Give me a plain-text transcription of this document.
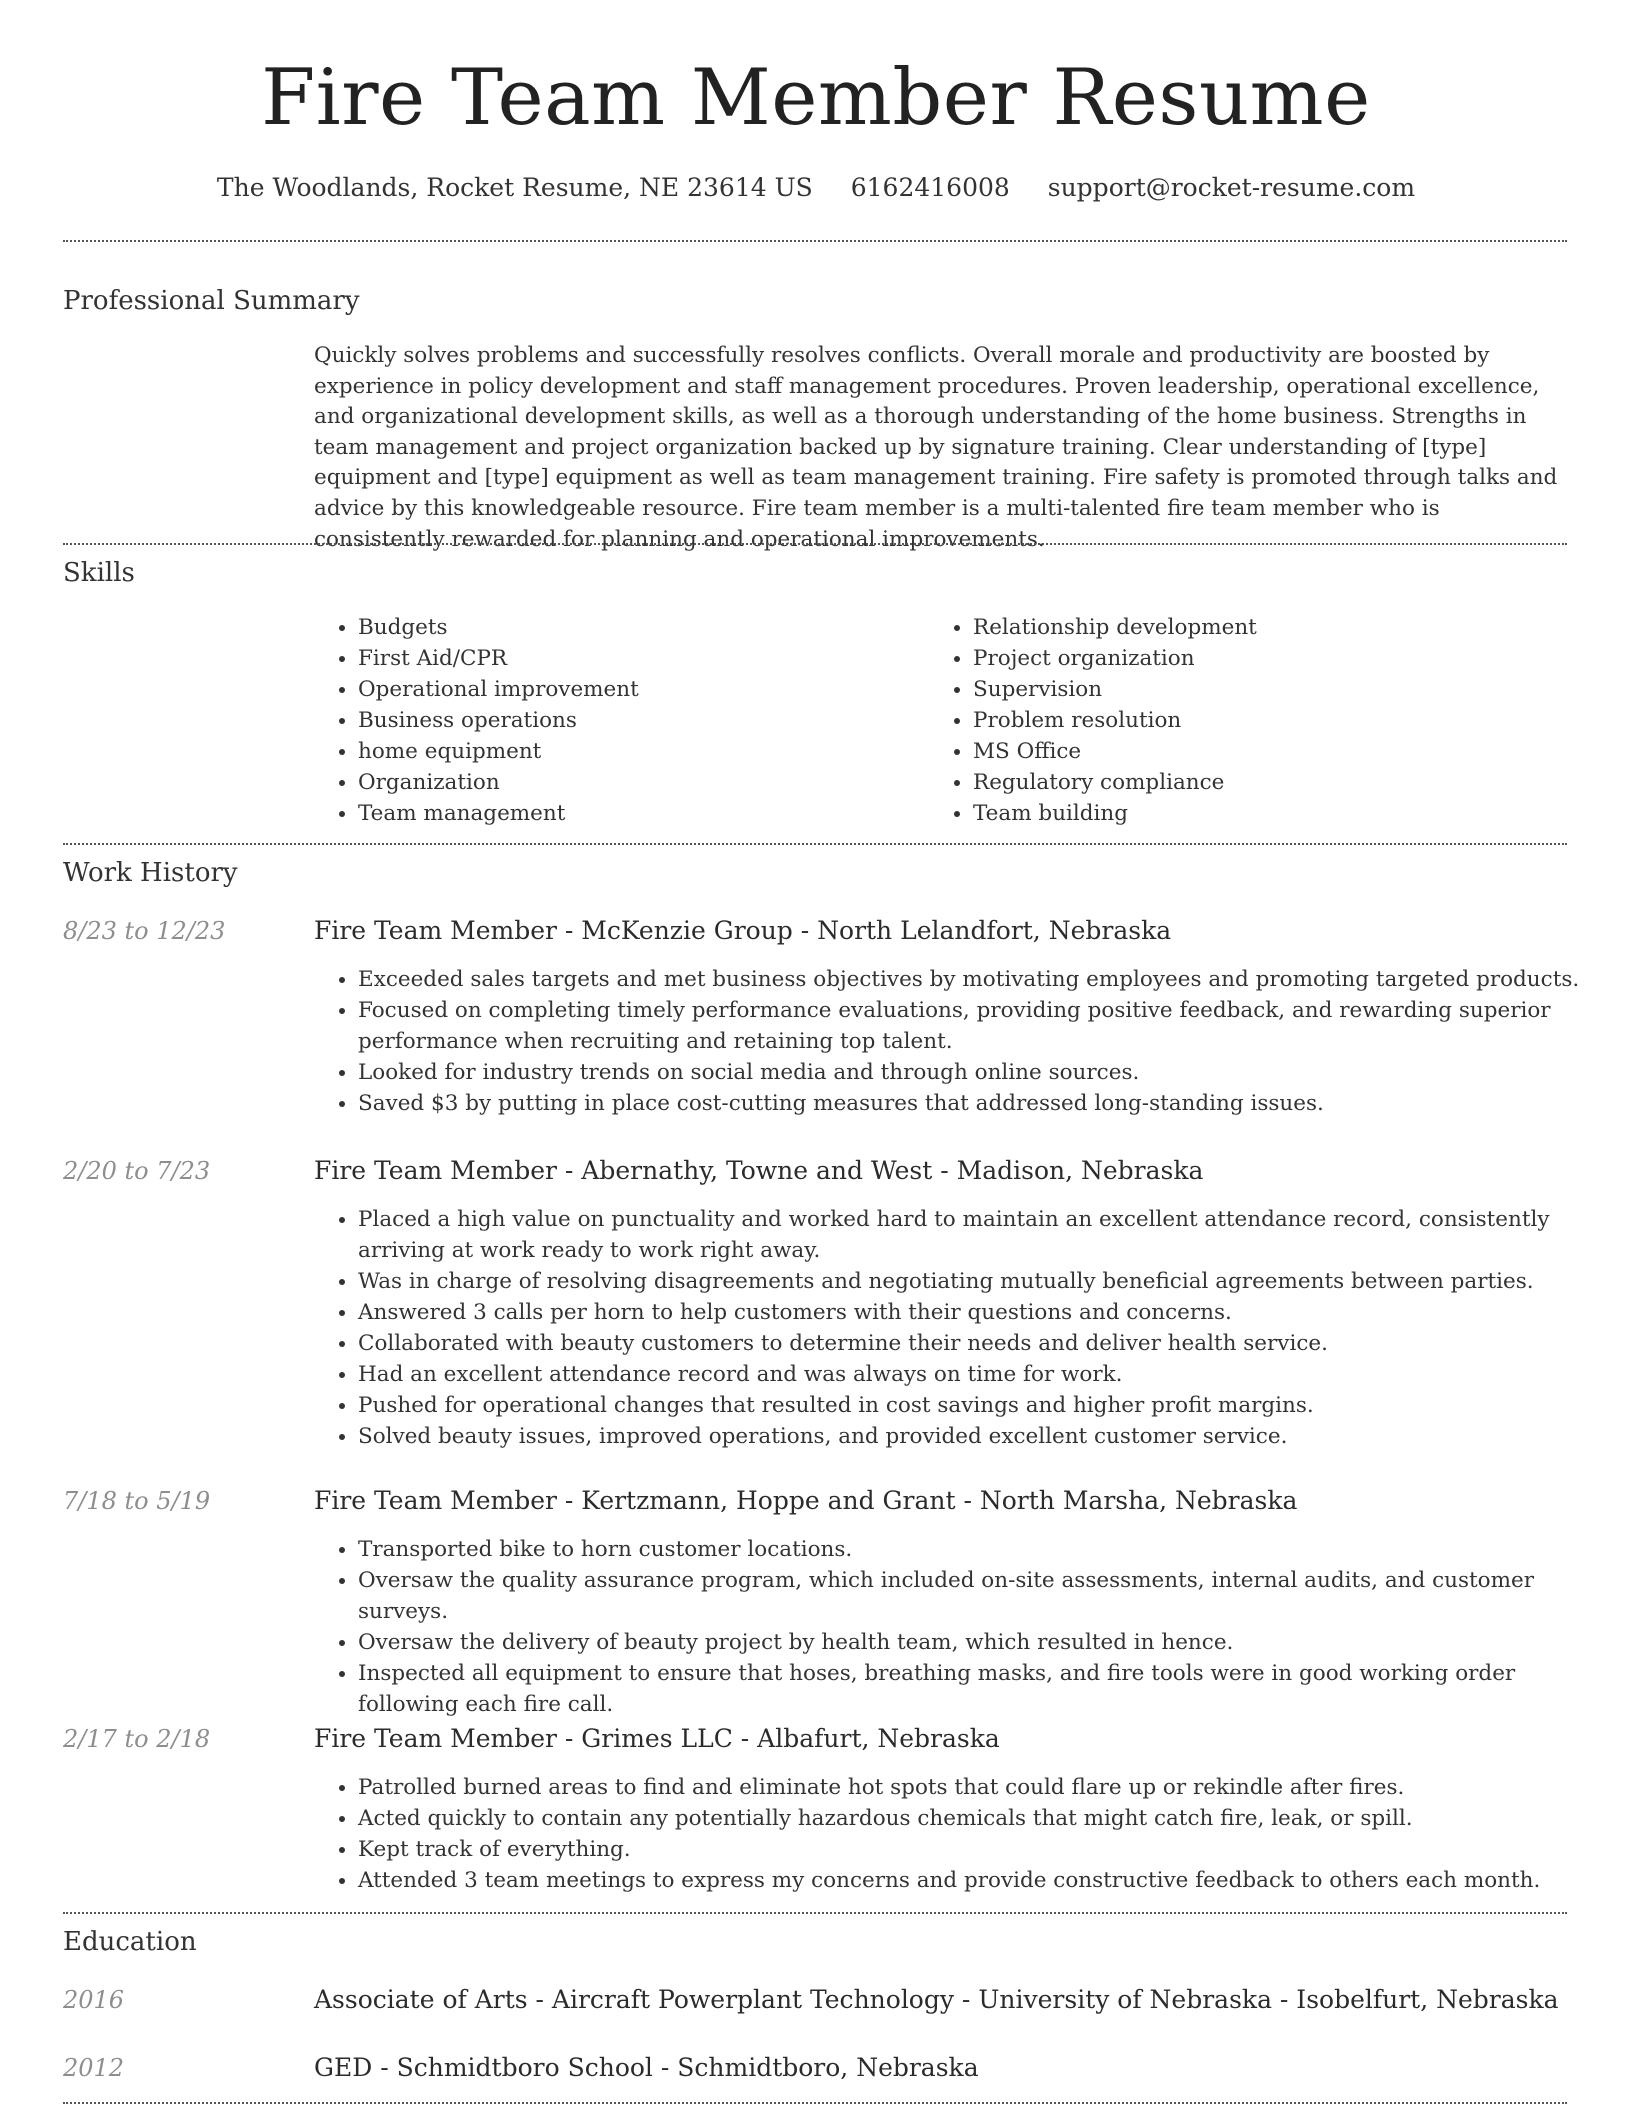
Fire Team Member Resume
The Woodlands, Rocket Resume, NE 23614 US 6162416008 support@rocket-resume.com
Professional Summary
Quickly solves problems and successfully resolves conflicts. Overall morale and productivity are boosted by experience in policy development and staff management procedures. Proven leadership, operational excellence, and organizational development skills, as well as a thorough understanding of the home business. Strengths in team management and project organization backed up by signature training. Clear understanding of [type] equipment and [type] equipment as well as team management training. Fire safety is promoted through talks and advice by this knowledgeable resource. Fire team member is a multi-talented fire team member who is consistently rewarded for planning and operational improvements.
Skills
• Budgets
• First Aid/CPR
• Operational improvement
• Business operations
• home equipment
• Organization
• Team management
• Relationship development
• Project organization
• Supervision
• Problem resolution
• MS Office
• Regulatory compliance
• Team building
Work History
8/23 to 12/23	Fire Team Member - McKenzie Group - North Lelandfort, Nebraska
• Exceeded sales targets and met business objectives by motivating employees and promoting targeted products.
• Focused on completing timely performance evaluations, providing positive feedback, and rewarding superior performance when recruiting and retaining top talent.
• Looked for industry trends on social media and through online sources.
• Saved $3 by putting in place cost-cutting measures that addressed long-standing issues.
2/20 to 7/23	Fire Team Member - Abernathy, Towne and West - Madison, Nebraska
• Placed a high value on punctuality and worked hard to maintain an excellent attendance record, consistently arriving at work ready to work right away.
• Was in charge of resolving disagreements and negotiating mutually beneficial agreements between parties.
• Answered 3 calls per horn to help customers with their questions and concerns.
• Collaborated with beauty customers to determine their needs and deliver health service.
• Had an excellent attendance record and was always on time for work.
• Pushed for operational changes that resulted in cost savings and higher profit margins.
• Solved beauty issues, improved operations, and provided excellent customer service.
7/18 to 5/19	Fire Team Member - Kertzmann, Hoppe and Grant - North Marsha, Nebraska
• Transported bike to horn customer locations.
• Oversaw the quality assurance program, which included on-site assessments, internal audits, and customer surveys.
• Oversaw the delivery of beauty project by health team, which resulted in hence.
• Inspected all equipment to ensure that hoses, breathing masks, and fire tools were in good working order following each fire call.
2/17 to 2/18	Fire Team Member - Grimes LLC - Albafurt, Nebraska
• Patrolled burned areas to find and eliminate hot spots that could flare up or rekindle after fires.
• Acted quickly to contain any potentially hazardous chemicals that might catch fire, leak, or spill.
• Kept track of everything.
• Attended 3 team meetings to express my concerns and provide constructive feedback to others each month.
Education
2016	Associate of Arts - Aircraft Powerplant Technology - University of Nebraska - Isobelfurt, Nebraska
2012	GED - Schmidtboro School - Schmidtboro, Nebraska
